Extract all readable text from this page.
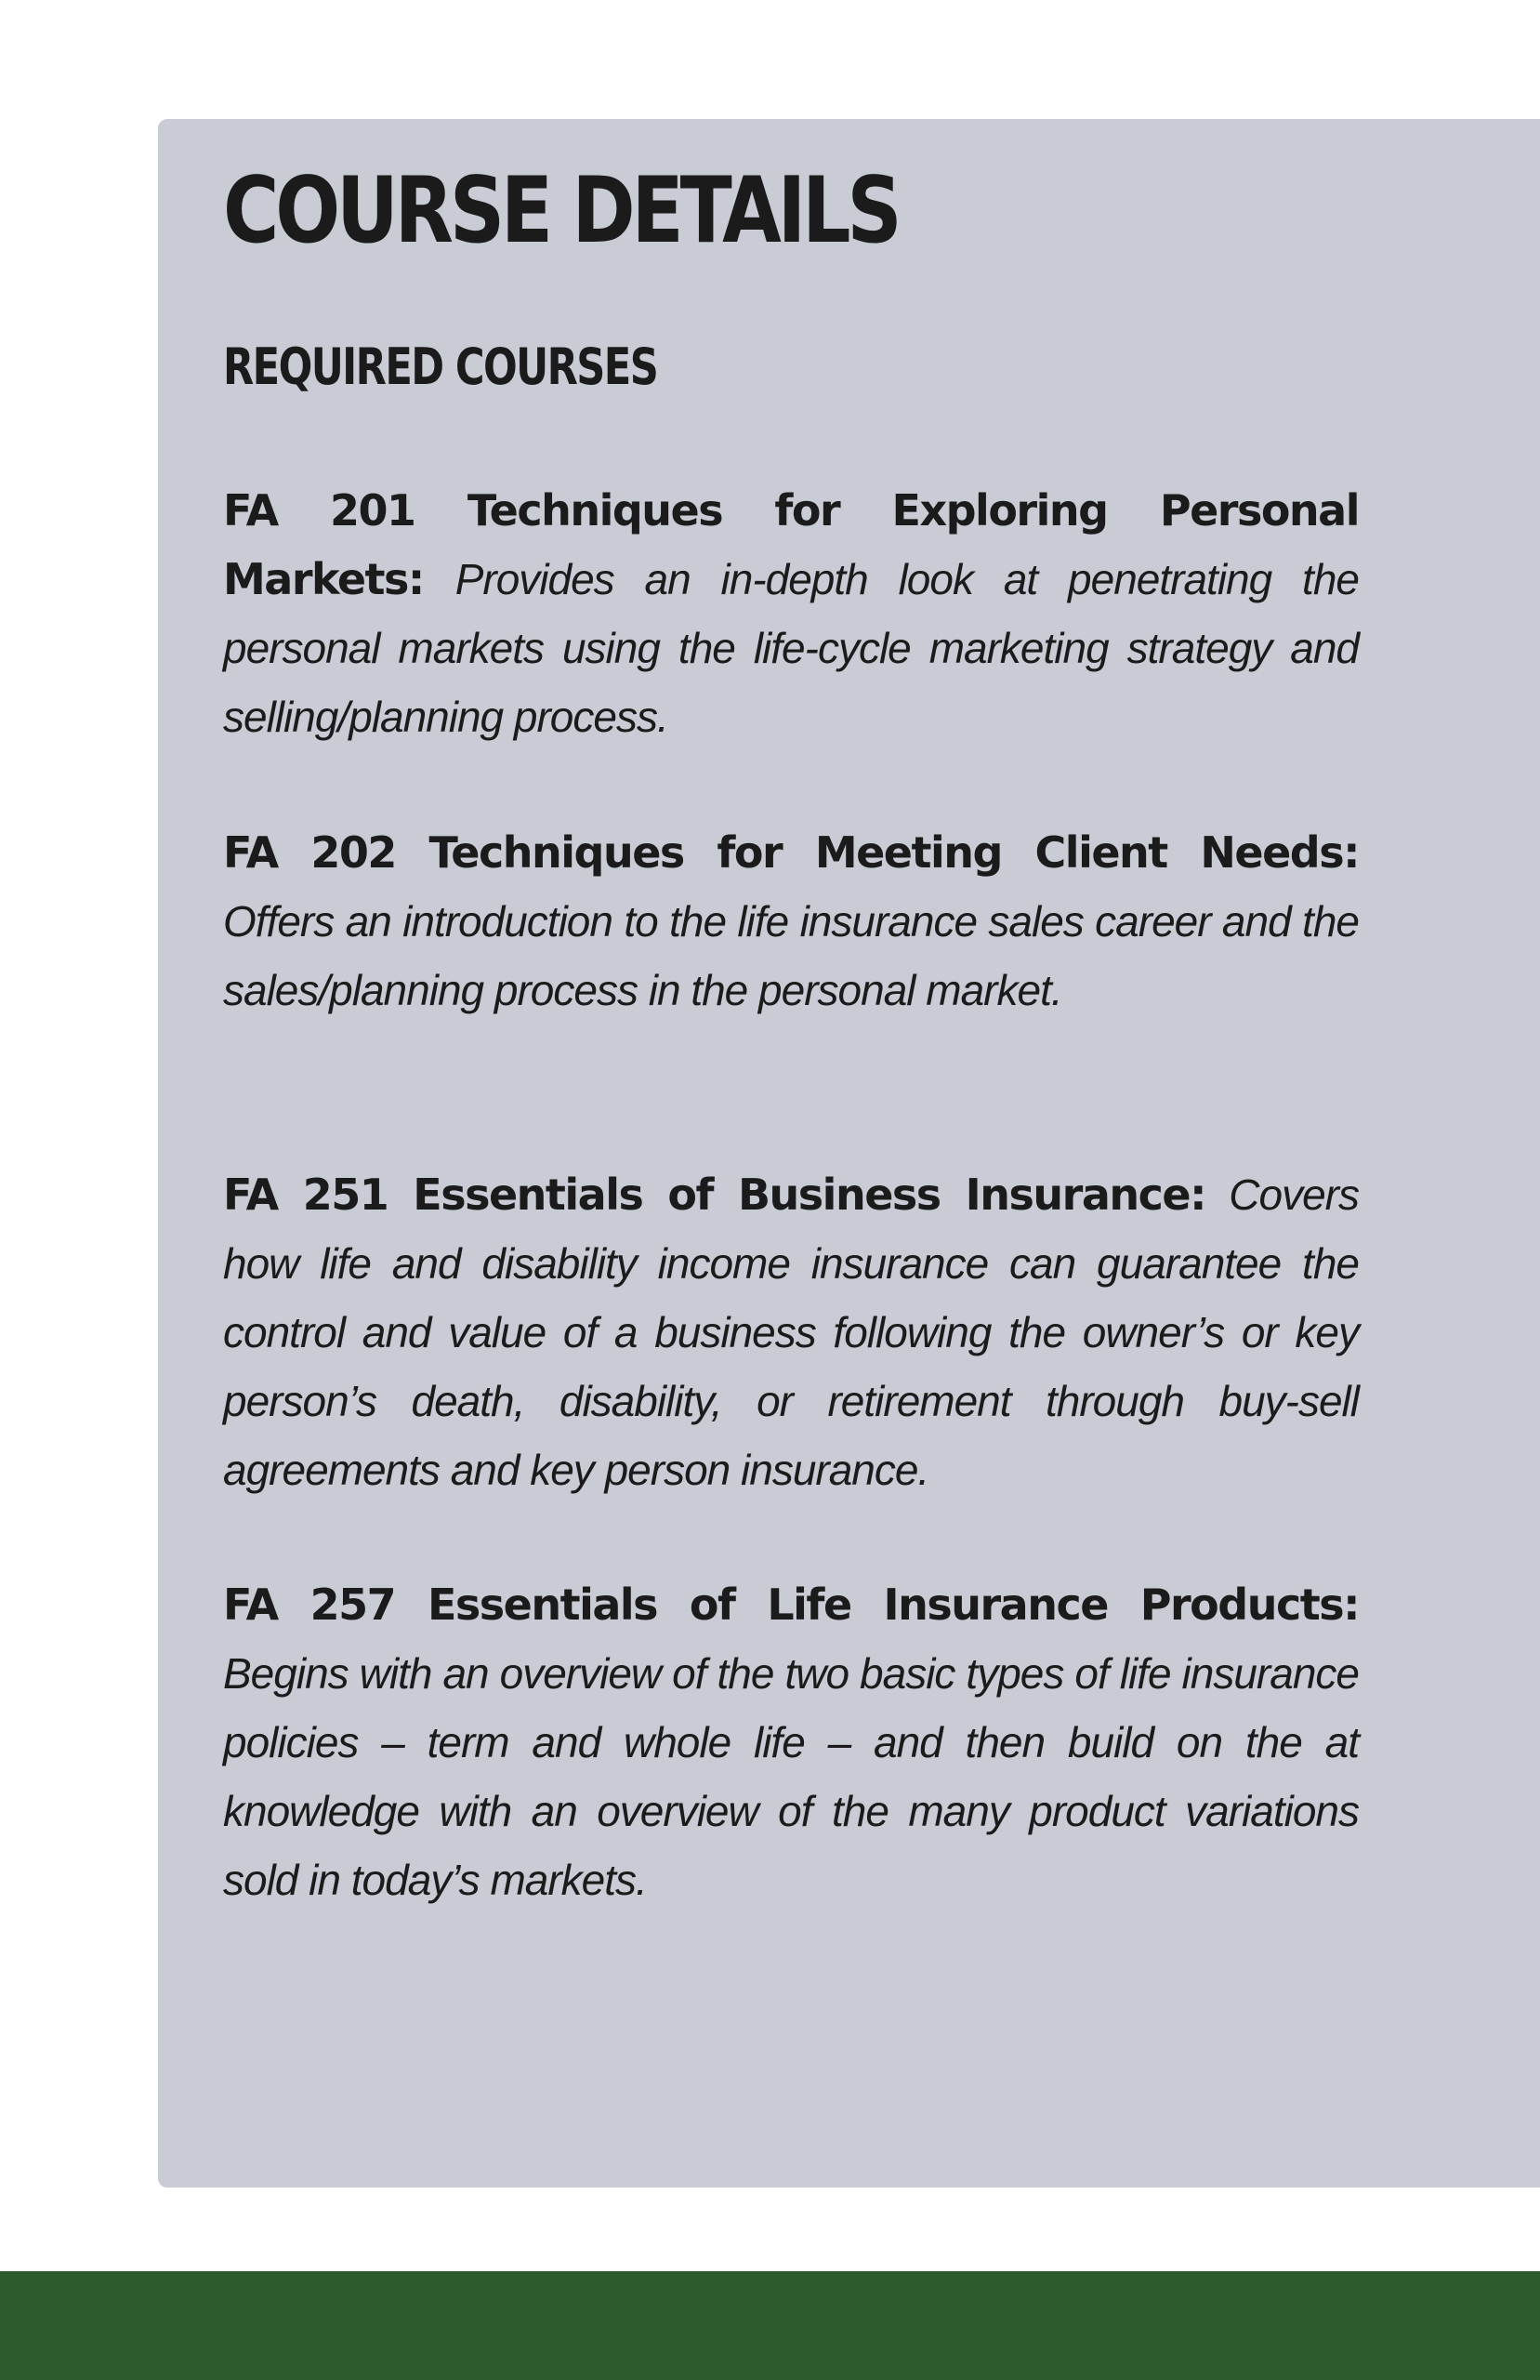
COURSE DETAILS
REQUIRED COURSES

FA 201 Techniques for Exploring Personal Markets: Provides an in-depth look at penetrating the personal markets using the life-cycle marketing strategy and selling/planning process.

FA 202 Techniques for Meeting Client Needs: Offers an introduction to the life insurance sales career and the sales/planning process in the personal market.

FA 251 Essentials of Business Insurance: Covers how life and disability income insurance can guarantee the control and value of a business following the owner’s or key person’s death, disability, or retirement through buy-sell agreements and key person insurance.

FA 257 Essentials of Life Insurance Products: Begins with an overview of the two basic types of life insurance policies – term and whole life – and then build on the at knowledge with an overview of the many product variations sold in today’s markets.
